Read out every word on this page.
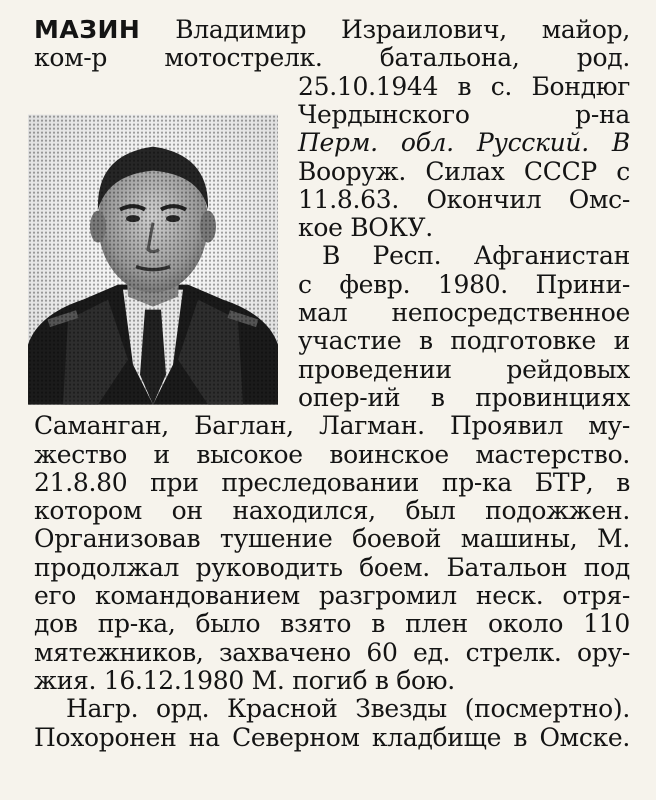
МАЗИН Владимир Израилович, майор,
ком-р мотострелк. батальона, род.
25.10.1944 в с. Бондюг
Чердынского р-на
Перм. обл. Русский. В
Вооруж. Силах СССР с
11.8.63. Окончил Омс-
кое ВОКУ.
В Респ. Афганистан
с февр. 1980. Прини-
мал непосредственное
участие в подготовке и
проведении рейдовых
опер-ий в провинциях
Саманган, Баглан, Лагман. Проявил му-
жество и высокое воинское мастерство.
21.8.80 при преследовании пр-ка БТР, в
котором он находился, был подожжен.
Организовав тушение боевой машины, М.
продолжал руководить боем. Батальон под
его командованием разгромил неск. отря-
дов пр-ка, было взято в плен около 110
мятежников, захвачено 60 ед. стрелк. ору-
жия. 16.12.1980 М. погиб в бою.
Нагр. орд. Красной Звезды (посмертно).
Похоронен на Северном кладбище в Омске.
